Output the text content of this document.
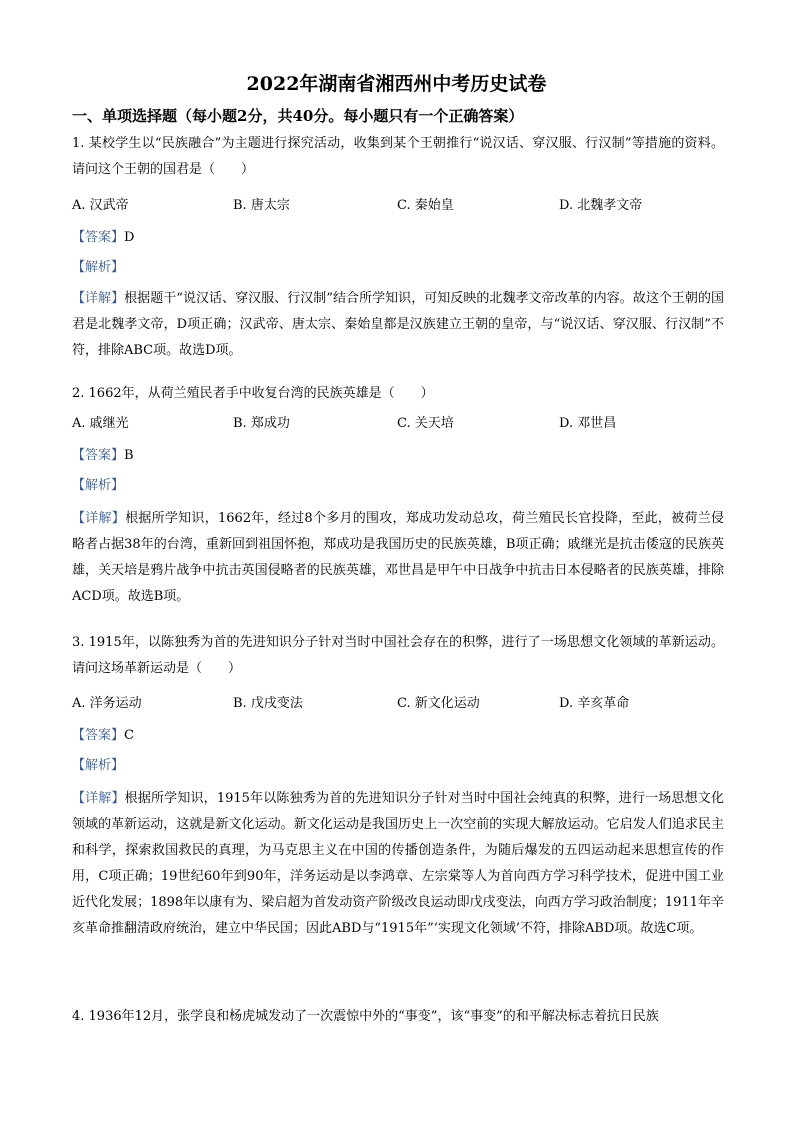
2022年湖南省湘西州中考历史试卷
一、单项选择题（每小题2分，共40分。每小题只有一个正确答案）
1. 某校学生以“民族融合”为主题进行探究活动，收集到某个王朝推行“说汉话、穿汉服、行汉制”等措施的资料。请问这个王朝的国君是（　　）
A. 汉武帝	B. 唐太宗	C. 秦始皇	D. 北魏孝文帝
【答案】D
【解析】
【详解】根据题干“说汉话、穿汉服、行汉制”结合所学知识，可知反映的北魏孝文帝改革的内容。故这个王朝的国君是北魏孝文帝，D项正确；汉武帝、唐太宗、秦始皇都是汉族建立王朝的皇帝，与“说汉话、穿汉服、行汉制”不符，排除ABC项。故选D项。
2. 1662年，从荷兰殖民者手中收复台湾的民族英雄是（　　）
A. 戚继光	B. 郑成功	C. 关天培	D. 邓世昌
【答案】B
【解析】
【详解】根据所学知识，1662年，经过8个多月的围攻，郑成功发动总攻，荷兰殖民长官投降，至此，被荷兰侵略者占据38年的台湾，重新回到祖国怀抱，郑成功是我国历史的民族英雄，B项正确；戚继光是抗击倭寇的民族英雄，关天培是鸦片战争中抗击英国侵略者的民族英雄，邓世昌是甲午中日战争中抗击日本侵略者的民族英雄，排除ACD项。故选B项。
3. 1915年，以陈独秀为首的先进知识分子针对当时中国社会存在的积弊，进行了一场思想文化领域的革新运动。请问这场革新运动是（　　）
A. 洋务运动	B. 戊戌变法	C. 新文化运动	D. 辛亥革命
【答案】C
【解析】
【详解】根据所学知识，1915年以陈独秀为首的先进知识分子针对当时中国社会纯真的积弊，进行一场思想文化领域的革新运动，这就是新文化运动。新文化运动是我国历史上一次空前的实现大解放运动。它启发人们追求民主和科学，探索救国救民的真理，为马克思主义在中国的传播创造条件，为随后爆发的五四运动起来思想宣传的作用，C项正确；19世纪60年到90年，洋务运动是以李鸿章、左宗棠等人为首向西方学习科学技术，促进中国工业近代化发展；1898年以康有为、梁启超为首发动资产阶级改良运动即戊戌变法，向西方学习政治制度；1911年辛亥革命推翻清政府统治，建立中华民国；因此ABD与“1915年”‘实现文化领域’不符，排除ABD项。故选C项。
4. 1936年12月，张学良和杨虎城发动了一次震惊中外的“事变”，该“事变”的和平解决标志着抗日民族
